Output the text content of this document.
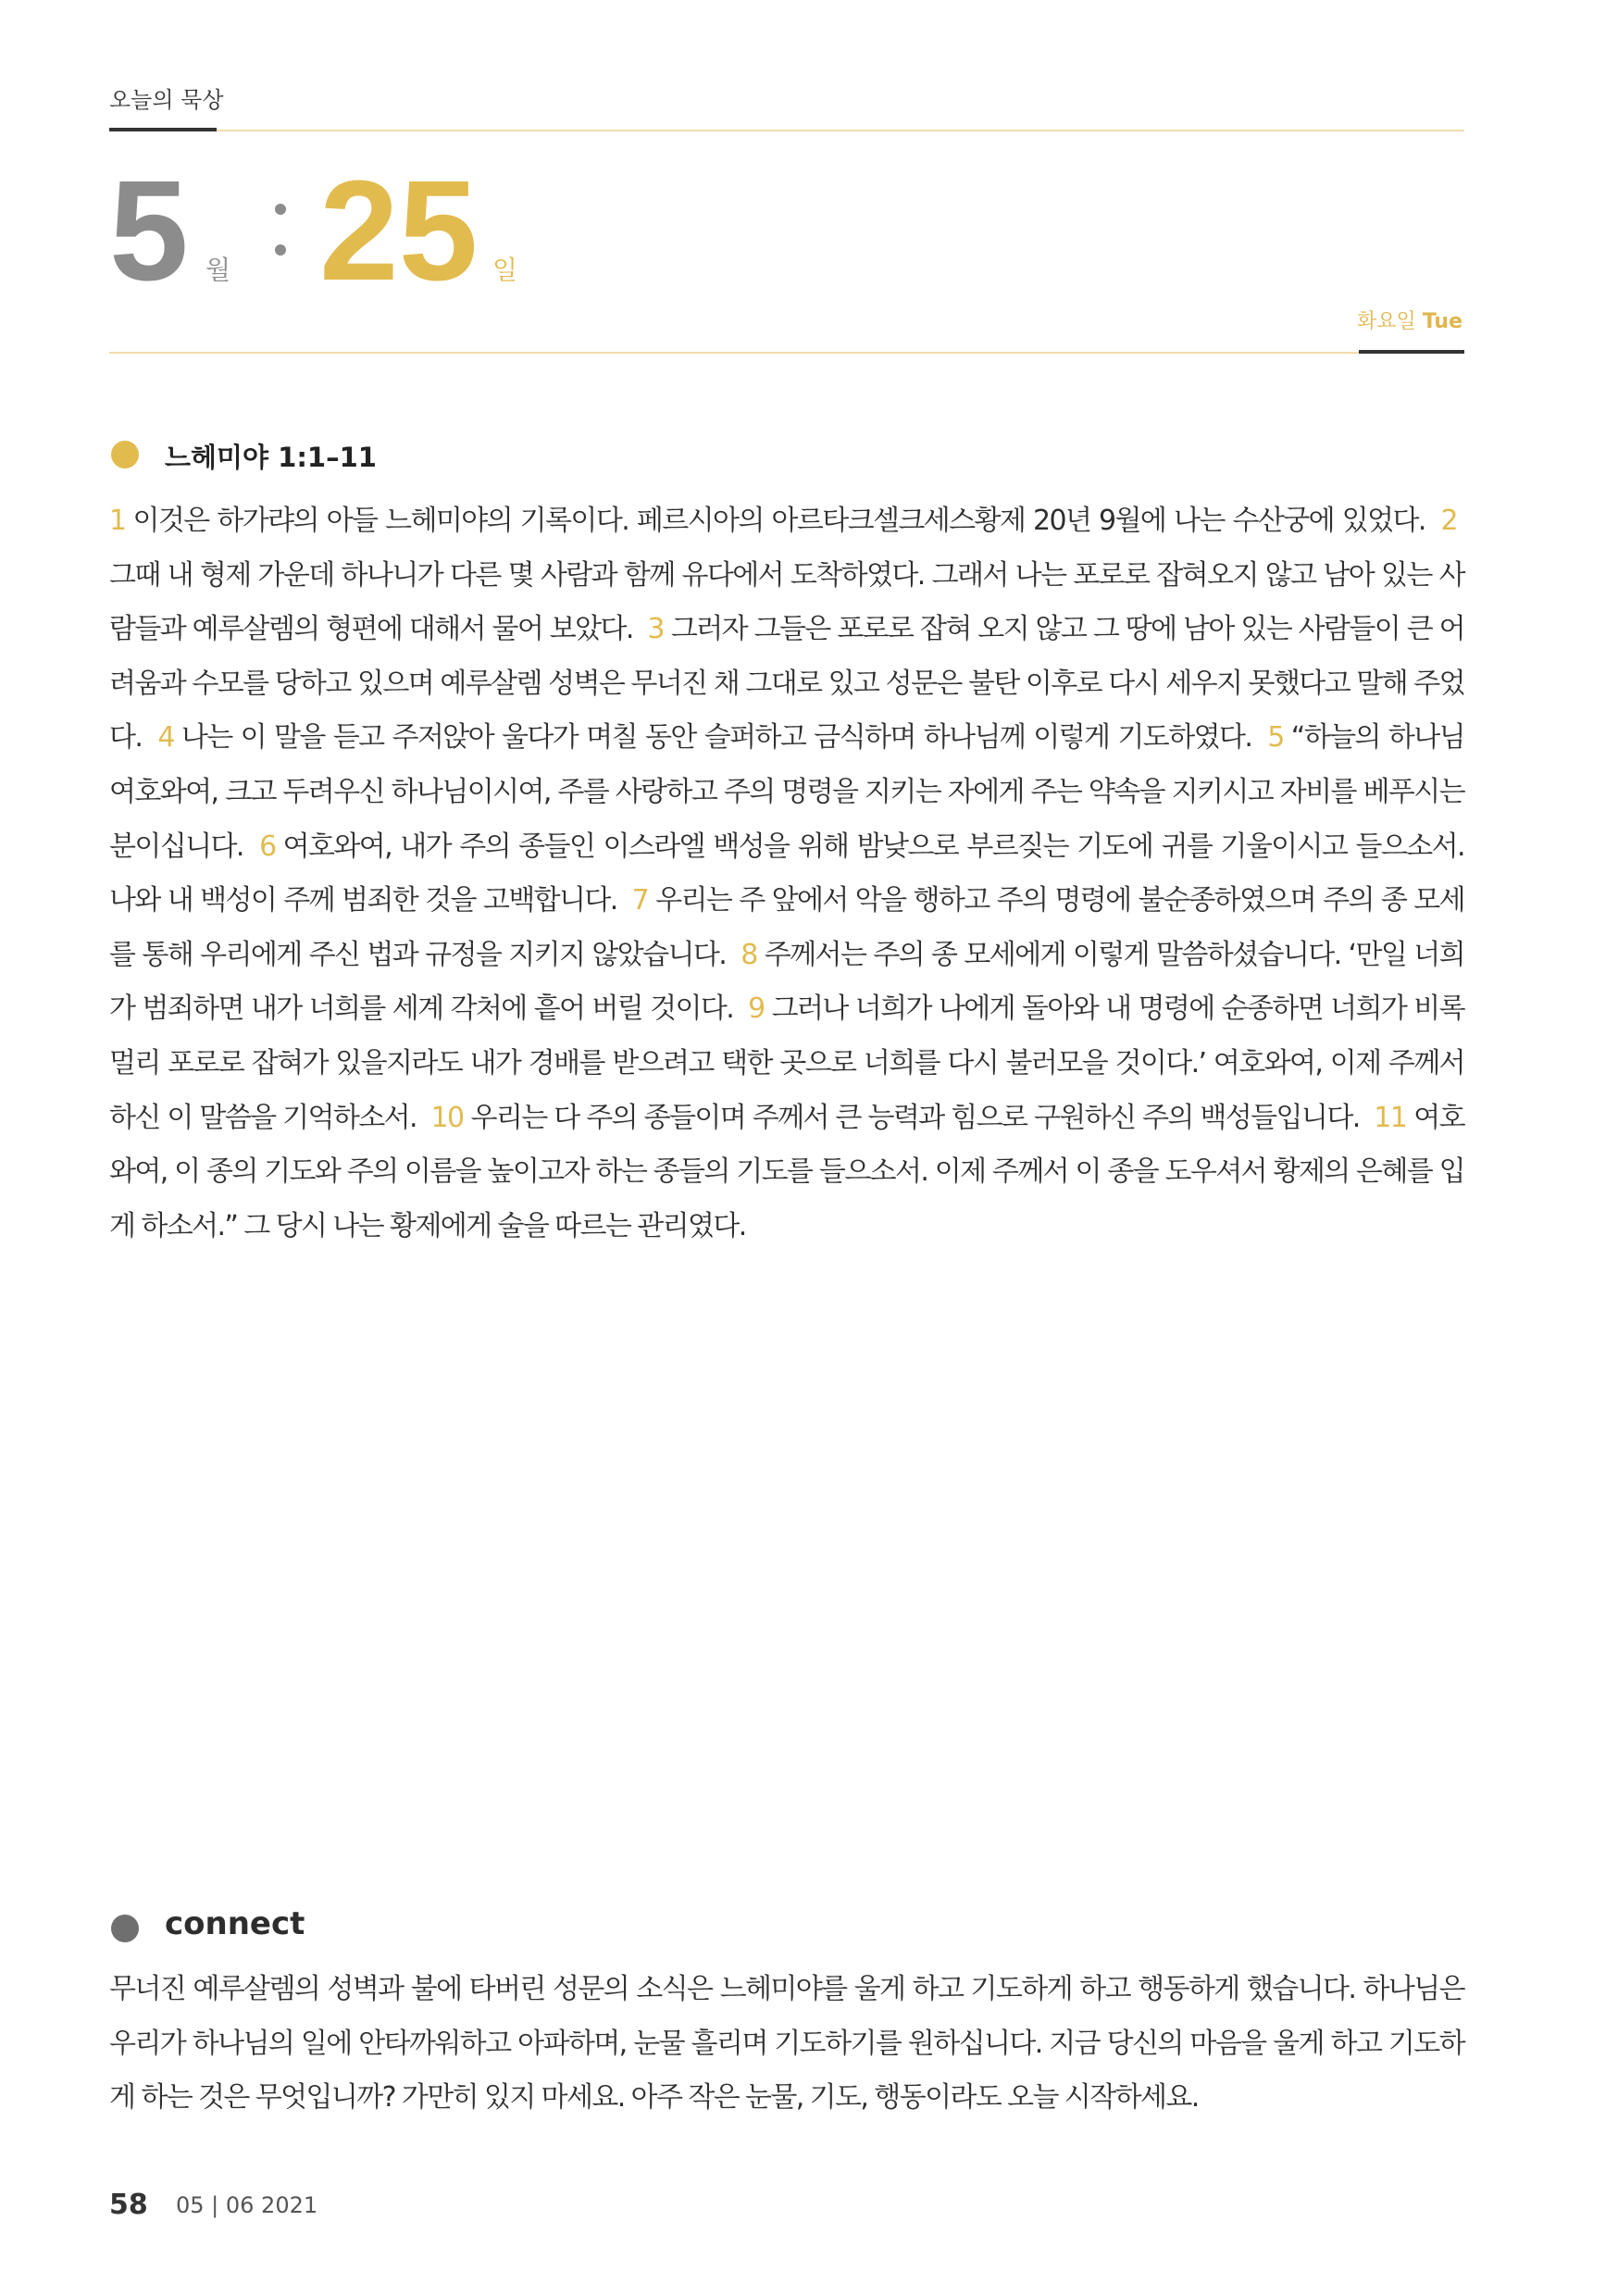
오늘의 묵상
5 월 25 일
화요일 Tue
느헤미야 1:1–11
1 이것은 하가랴의 아들 느헤미야의 기록이다. 페르시아의 아르타크셀크세스황제 20년 9월에 나는 수산궁에 있었다. 2그때 내 형제 가운데 하나니가 다른 몇 사람과 함께 유다에서 도착하였다. 그래서 나는 포로로 잡혀오지 않고 남아 있는 사람들과 예루살렘의 형편에 대해서 물어 보았다. 3 그러자 그들은 포로로 잡혀 오지 않고 그 땅에 남아 있는 사람들이 큰 어려움과 수모를 당하고 있으며 예루살렘 성벽은 무너진 채 그대로 있고 성문은 불탄 이후로 다시 세우지 못했다고 말해 주었다. 4 나는 이 말을 듣고 주저앉아 울다가 며칠 동안 슬퍼하고 금식하며 하나님께 이렇게 기도하였다. 5 “하늘의 하나님 여호와여, 크고 두려우신 하나님이시여, 주를 사랑하고 주의 명령을 지키는 자에게 주는 약속을 지키시고 자비를 베푸시는 분이십니다. 6 여호와여, 내가 주의 종들인 이스라엘 백성을 위해 밤낮으로 부르짖는 기도에 귀를 기울이시고 들으소서. 나와 내 백성이 주께 범죄한 것을 고백합니다. 7 우리는 주 앞에서 악을 행하고 주의 명령에 불순종하였으며 주의 종 모세를 통해 우리에게 주신 법과 규정을 지키지 않았습니다. 8 주께서는 주의 종 모세에게 이렇게 말씀하셨습니다. ‘만일 너희가 범죄하면 내가 너희를 세계 각처에 흩어 버릴 것이다. 9 그러나 너희가 나에게 돌아와 내 명령에 순종하면 너희가 비록 멀리 포로로 잡혀가 있을지라도 내가 경배를 받으려고 택한 곳으로 너희를 다시 불러모을 것이다.’ 여호와여, 이제 주께서 하신 이 말씀을 기억하소서. 10 우리는 다 주의 종들이며 주께서 큰 능력과 힘으로 구원하신 주의 백성들입니다. 11 여호와여, 이 종의 기도와 주의 이름을 높이고자 하는 종들의 기도를 들으소서. 이제 주께서 이 종을 도우셔서 황제의 은혜를 입게 하소서.” 그 당시 나는 황제에게 술을 따르는 관리였다.
connect
무너진 예루살렘의 성벽과 불에 타버린 성문의 소식은 느헤미야를 울게 하고 기도하게 하고 행동하게 했습니다. 하나님은 우리가 하나님의 일에 안타까워하고 아파하며, 눈물 흘리며 기도하기를 원하십니다. 지금 당신의 마음을 울게 하고 기도하게 하는 것은 무엇입니까? 가만히 있지 마세요. 아주 작은 눈물, 기도, 행동이라도 오늘 시작하세요.
58 05 | 06 2021
